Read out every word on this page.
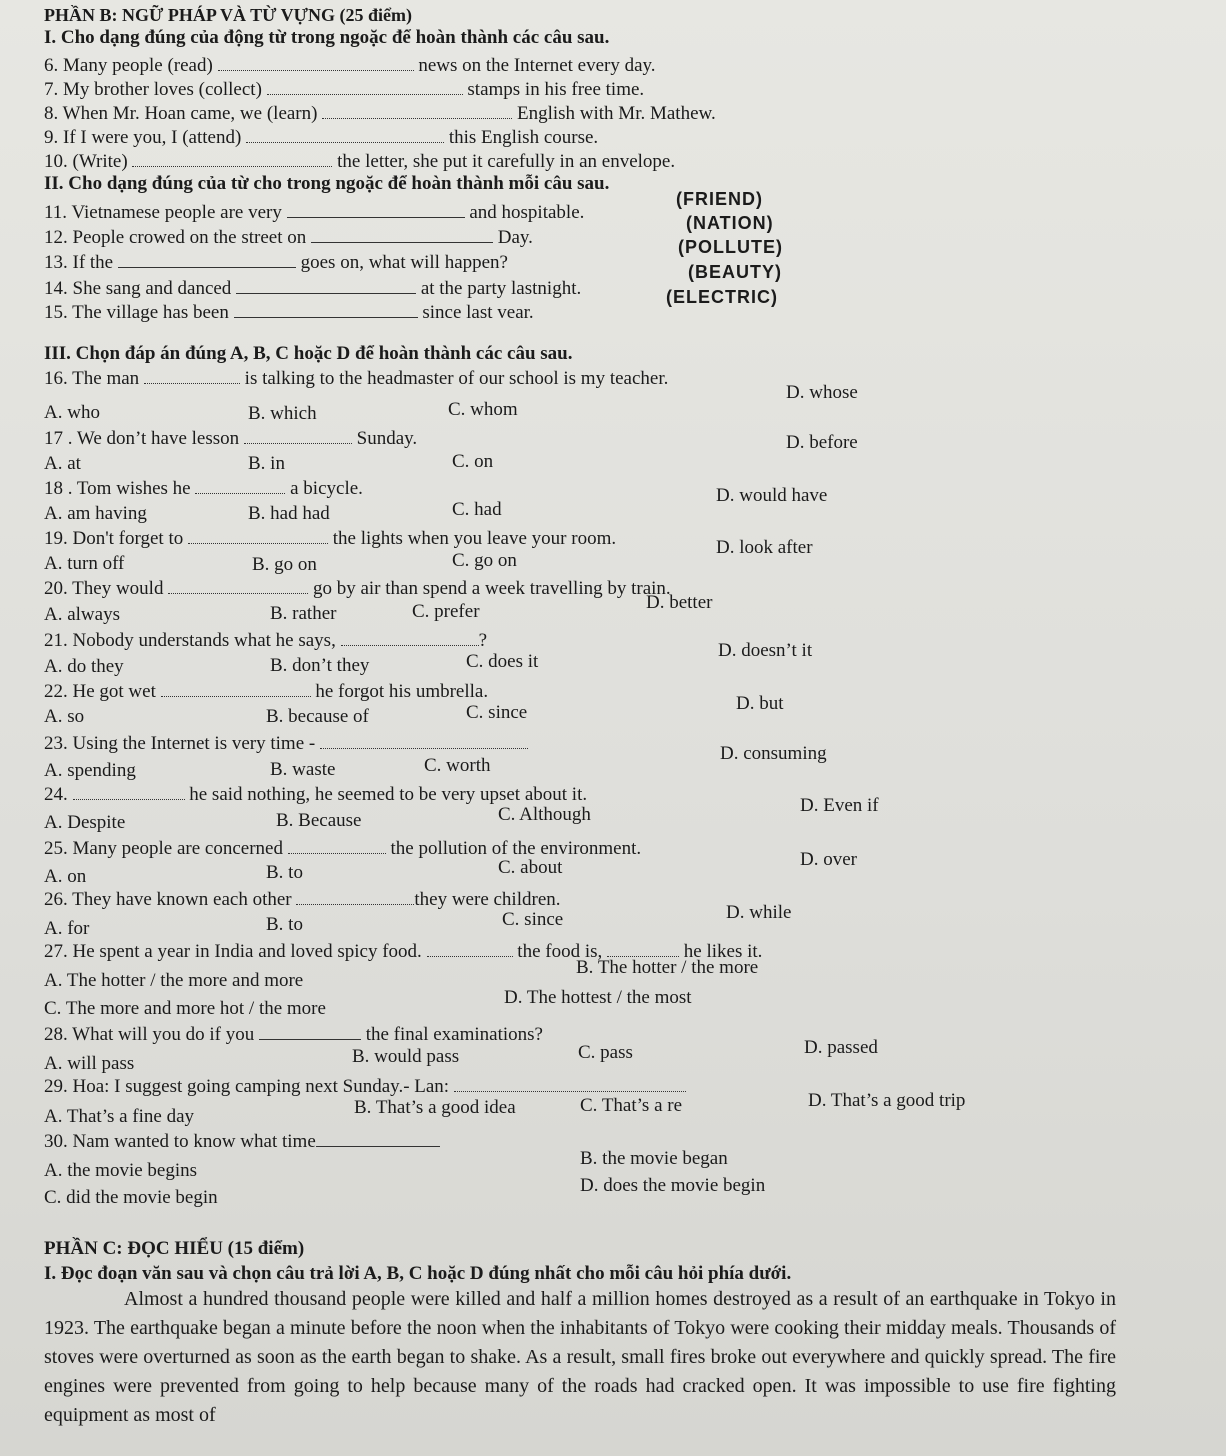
PHẦN B: NGỮ PHÁP VÀ TỪ VỰNG (25 điểm)
I. Cho dạng đúng của động từ trong ngoặc để hoàn thành các câu sau.
6. Many people (read)	news on the Internet every day.
7. My brother loves (collect)	stamps in his free time.
8. When Mr. Hoan came, we (learn)	English with Mr. Mathew.
9. If I were you, I (attend)	this English course.
10. (Write)	the letter, she put it carefully in an envelope.
II. Cho dạng đúng của từ cho trong ngoặc để hoàn thành mỗi câu sau.
11. Vietnamese people are very	and hospitable.
(FRIEND)
12. People crowed on the street on	Day.
(NATION)
13. If the	goes on, what will happen?
(POLLUTE)
14. She sang and danced	at the party lastnight.
(BEAUTY)
15. The village has been	since last vear.
(ELECTRIC)
III. Chọn đáp án đúng A, B, C hoặc D để hoàn thành các câu sau.
16. The man	is talking to the headmaster of our school is my teacher.
A. who	B. which	C. whom
D. whose
17 . We don’t have lesson	Sunday.
A. at	B. in	C. on
D. before
18 . Tom wishes he	a bicycle.
A. am having	B. had had	C. had
D. would have
19. Don't forget to	the lights when you leave your room.
A. turn off	B. go on	C. go on
D. look after
20. They would	go by air than spend a week travelling by train.
A. always	B. rather	C. prefer	D. better
21. Nobody understands what he says,	?
A. do they	B. don’t they	C. does it
D. doesn’t it
22. He got wet	he forgot his umbrella.
A. so	B. because of	C. since	D. but
23. Using the Internet is very time -
A. spending	B. waste	C. worth
D. consuming
24.	he said nothing, he seemed to be very upset about it.
A. Despite	B. Because	C. Although	D. Even if
25. Many people are concerned	the pollution of the environment.
A. on	B. to	C. about	D. over
26. They have known each other	they were children.
A. for	B. to	C. since	D. while
27. He spent a year in India and loved spicy food.	the food is,	he likes it.
A. The hotter / the more and more
B. The hotter / the more
C. The more and more hot / the more
D. The hottest / the most
28. What will you do if you	the final examinations?
A. will pass	B. would pass	C. pass	D. passed
29. Hoa: I suggest going camping next Sunday.- Lan:
A. That’s a fine day	B. That’s a good idea	C. That’s a re	D. That’s a good trip
30. Nam wanted to know what time
A. the movie begins
B. the movie began
C. did the movie begin
D. does the movie begin
PHẦN C: ĐỌC HIỂU (15 điểm)
I. Đọc đoạn văn sau và chọn câu trả lời A, B, C hoặc D đúng nhất cho mỗi câu hỏi phía dưới.
Almost a hundred thousand people were killed and half a million homes destroyed as a result of an earthquake in Tokyo in 1923. The earthquake began a minute before the noon when the inhabitants of Tokyo were cooking their midday meals. Thousands of stoves were overturned as soon as the earth began to shake. As a result, small fires broke out everywhere and quickly spread. The fire engines were prevented from going to help because many of the roads had cracked open. It was impossible to use fire fighting equipment as most of
